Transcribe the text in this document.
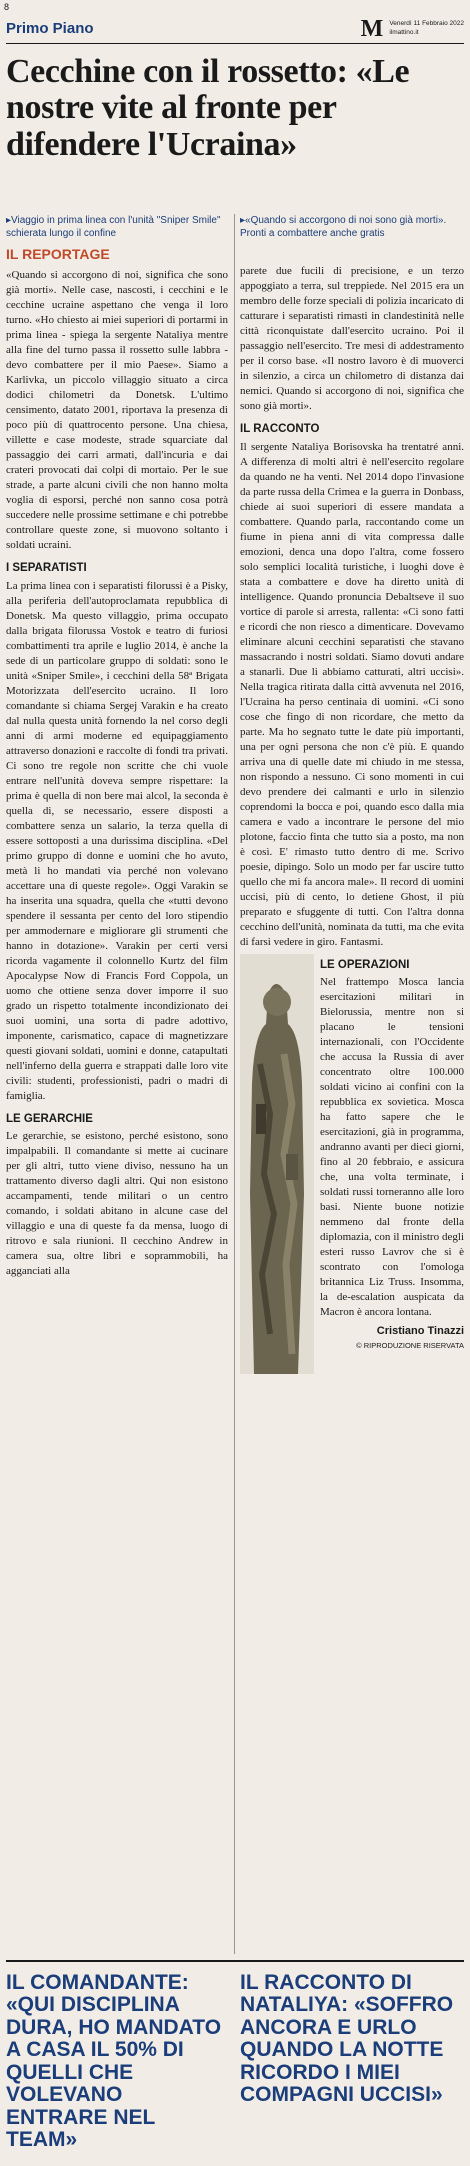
8
Primo Piano	M Venerdì 11 Febbraio 2022
ilmattino.it
Cecchine con il rossetto: «Le nostre vite al fronte per difendere l'Ucraina»
▸Viaggio in prima linea con l'unità "Sniper Smile" schierata lungo il confine
▸«Quando si accorgono di noi sono già morti». Pronti a combattere anche gratis
IL REPORTAGE

«Quando si accorgono di noi, significa che sono già morti». Nelle case, nascosti, i cecchini e le cecchine ucraine aspettano che venga il loro turno. «Ho chiesto ai miei superiori di portarmi in prima linea - spiega la sergente Nataliya mentre alla fine del turno passa il rossetto sulle labbra - devo combattere per il mio Paese». Siamo a Karlivka, un piccolo villaggio situato a circa dodici chilometri da Donetsk. L'ultimo censimento, datato 2001, riportava la presenza di poco più di quattrocento persone. Una chiesa, villette e case modeste, strade squarciate dal passaggio dei carri armati, dall'incuria e dai crateri provocati dai colpi di mortaio. Per le sue strade, a parte alcuni civili che non hanno molta voglia di esporsi, perché non sanno cosa potrà succedere nelle prossime settimane e chi potrebbe controllare queste zone, si muovono soltanto i soldati ucraini.

I SEPARATISTI

La prima linea con i separatisti filorussi è a Pisky, alla periferia dell'autoproclamata repubblica di Donetsk. Ma questo villaggio, prima occupato dalla brigata filorussa Vostok e teatro di furiosi combattimenti tra aprile e luglio 2014, è anche la sede di un particolare gruppo di soldati: sono le unità «Sniper Smile», i cecchini della 58ª Brigata Motorizzata dell'esercito ucraino. Il loro comandante si chiama Sergej Varakin e ha creato dal nulla questa unità fornendo la nel corso degli anni di armi moderne ed equipaggiamento attraverso donazioni e raccolte di fondi tra privati. Ci sono tre regole non scritte che chi vuole entrare nell'unità doveva sempre rispettare: la prima è quella di non bere mai alcol, la seconda è quella di, se necessario, essere disposti a combattere senza un salario, la terza quella di essere sottoposti a una durissima disciplina. «Del primo gruppo di donne e uomini che ho avuto, metà li ho mandati via perché non volevano accettare una di queste regole». Oggi Varakin se ha inserita una squadra, quella che «tutti devono spendere il sessanta per cento del loro stipendio per ammodernare e migliorare gli strumenti che hanno in dotazione». Varakin per certi versi ricorda vagamente il colonnello Kurtz del film Apocalypse Now di Francis Ford Coppola, un uomo che ottiene senza dover imporre il suo grado un rispetto totalmente incondizionato dei suoi uomini, una sorta di padre adottivo, imponente, carismatico, capace di magnetizzare questi giovani soldati, uomini e donne, catapultati nell'inferno della guerra e strappati dalle loro vite civili: studenti, professionisti, padri o madri di famiglia.

LE GERARCHIE

Le gerarchie, se esistono, perché esistono, sono impalpabili. Il comandante si mette ai cucinare per gli altri, tutto viene diviso, nessuno ha un trattamento diverso dagli altri. Qui non esistono accampamenti, tende militari o un centro comando, i soldati abitano in alcune case del villaggio e una di queste fa da mensa, luogo di ritrovo e sala riunioni. Il cecchino Andrew in camera sua, oltre libri e soprammobili, ha agganciati alla

parete due fucili di precisione, e un terzo appoggiato a terra, sul treppiede. Nel 2015 era un membro delle forze speciali di polizia incaricato di catturare i separatisti rimasti in clandestinità nelle città riconquistate dall'esercito ucraino. Poi il passaggio nell'esercito. Tre mesi di addestramento per il corso base. «Il nostro lavoro è di muoverci in silenzio, a circa un chilometro di distanza dai nemici. Quando si accorgono di noi, significa che sono già morti».

IL RACCONTO

Il sergente Nataliya Borisovska ha trentatré anni. A differenza di molti altri è nell'esercito regolare da quando ne ha venti. Nel 2014 dopo l'invasione da parte russa della Crimea e la guerra in Donbass, chiede ai suoi superiori di essere mandata a combattere. Quando parla, raccontando come un fiume in piena anni di vita compressa dalle emozioni, denca una dopo l'altra, come fossero solo semplici località turistiche, i luoghi dove è stata a combattere e dove ha diretto unità di intelligence. Quando pronuncia Debaltseve il suo vortice di parole si arresta, rallenta: «Ci sono fatti e ricordi che non riesco a dimenticare. Dovevamo eliminare alcuni cecchini separatisti che stavano massacrando i nostri soldati. Siamo dovuti andare a stanarli. Due li abbiamo catturati, altri uccisi». Nella tragica ritirata dalla città avvenuta nel 2016, l'Ucraina ha perso centinaia di uomini. «Ci sono cose che fingo di non ricordare, che metto da parte. Ma ho segnato tutte le date più importanti, una per ogni persona che non c'è più. E quando arriva una di quelle date mi chiudo in me stessa, non rispondo a nessuno. Ci sono momenti in cui devo prendere dei calmanti e urlo in silenzio coprendomi la bocca e poi, quando esco dalla mia camera e vado a incontrare le persone del mio plotone, faccio finta che tutto sia a posto, ma non è così. E' rimasto tutto dentro di me. Scrivo poesie, dipingo. Solo un modo per far uscire tutto quello che mi fa ancora male». Il record di uomini uccisi, più di cento, lo detiene Ghost, il più preparato e sfuggente di tutti. Con l'altra donna cecchino dell'unità, nominata da tutti, ma che evita di farsi vedere in giro. Fantasmi.

LE OPERAZIONI

Nel frattempo Mosca lancia esercitazioni militari in Bielorussia, mentre non si placano le tensioni internazionali, con l'Occidente che accusa la Russia di aver concentrato oltre 100.000 soldati vicino ai confini con la repubblica ex sovietica. Mosca ha fatto sapere che le esercitazioni, già in programma, andranno avanti per dieci giorni, fino al 20 febbraio, e assicura che, una volta terminate, i soldati russi torneranno alle loro basi. Niente buone notizie nemmeno dal fronte della diplomazia, con il ministro degli esteri russo Lavrov che si è scontrato con l'omologa britannica Liz Truss. Insomma, la de-escalation auspicata da Macron è ancora lontana.

Cristiano Tinazzi
© RIPRODUZIONE RISERVATA
IL COMANDANTE: «QUI DISCIPLINA DURA, HO MANDATO A CASA IL 50% DI QUELLI CHE VOLEVANO ENTRARE NEL TEAM»
IL RACCONTO DI NATALIYA: «SOFFRO ANCORA E URLO QUANDO LA NOTTE RICORDO I MIEI COMPAGNI UCCISI»
